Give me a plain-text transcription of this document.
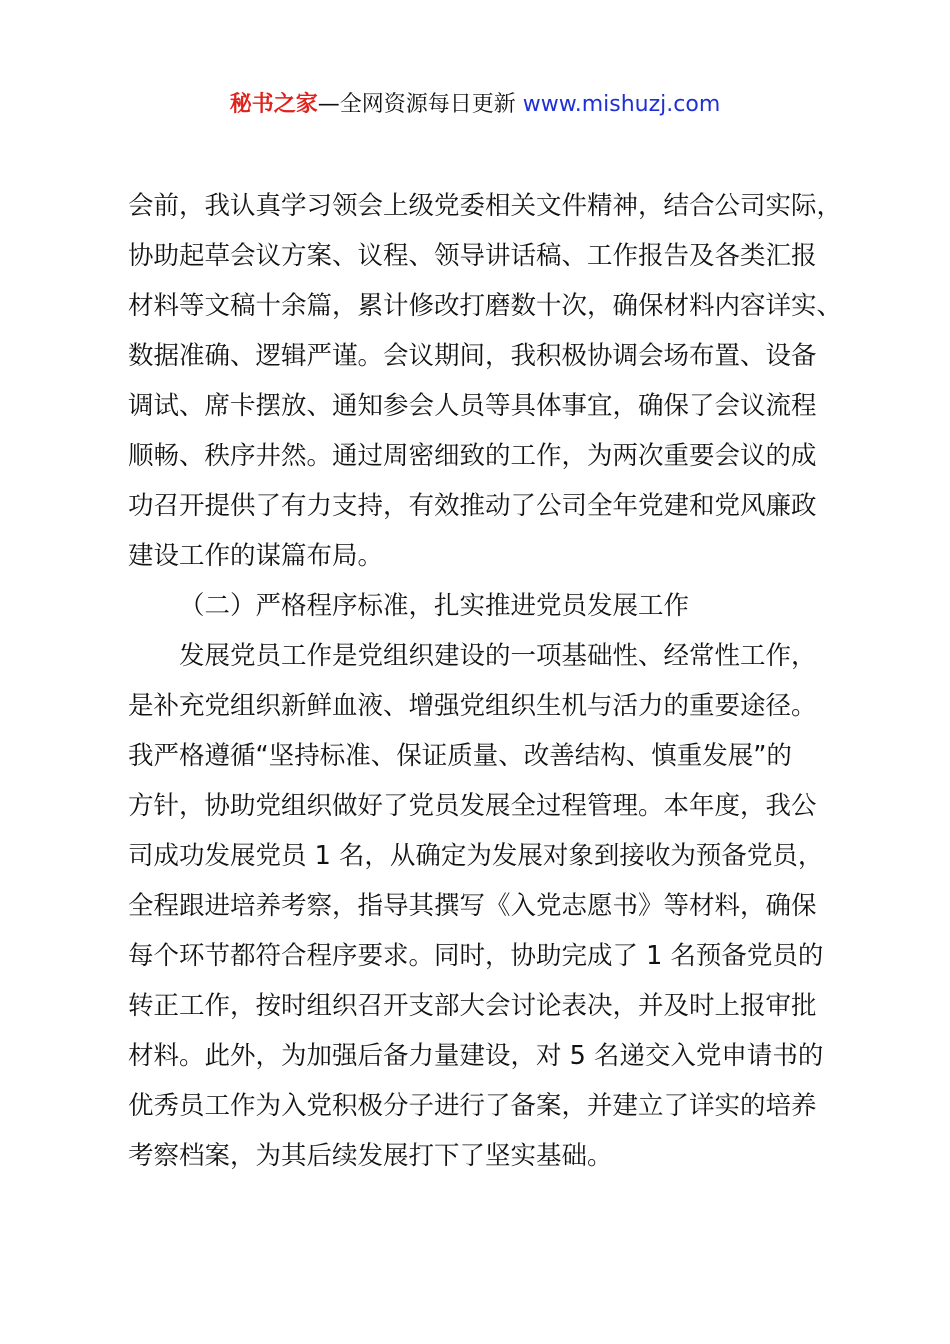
秘书之家—全网资源每日更新 www.mishuzj.com
会前，我认真学习领会上级党委相关文件精神，结合公司实际，
协助起草会议方案、议程、领导讲话稿、工作报告及各类汇报
材料等文稿十余篇，累计修改打磨数十次，确保材料内容详实、
数据准确、逻辑严谨。会议期间，我积极协调会场布置、设备
调试、席卡摆放、通知参会人员等具体事宜，确保了会议流程
顺畅、秩序井然。通过周密细致的工作，为两次重要会议的成
功召开提供了有力支持，有效推动了公司全年党建和党风廉政
建设工作的谋篇布局。
（二）严格程序标准，扎实推进党员发展工作
发展党员工作是党组织建设的一项基础性、经常性工作，
是补充党组织新鲜血液、增强党组织生机与活力的重要途径。
我严格遵循“坚持标准、保证质量、改善结构、慎重发展”的
方针，协助党组织做好了党员发展全过程管理。本年度，我公
司成功发展党员 1 名，从确定为发展对象到接收为预备党员，
全程跟进培养考察，指导其撰写《入党志愿书》等材料，确保
每个环节都符合程序要求。同时，协助完成了 1 名预备党员的
转正工作，按时组织召开支部大会讨论表决，并及时上报审批
材料。此外，为加强后备力量建设，对 5 名递交入党申请书的
优秀员工作为入党积极分子进行了备案，并建立了详实的培养
考察档案，为其后续发展打下了坚实基础。
